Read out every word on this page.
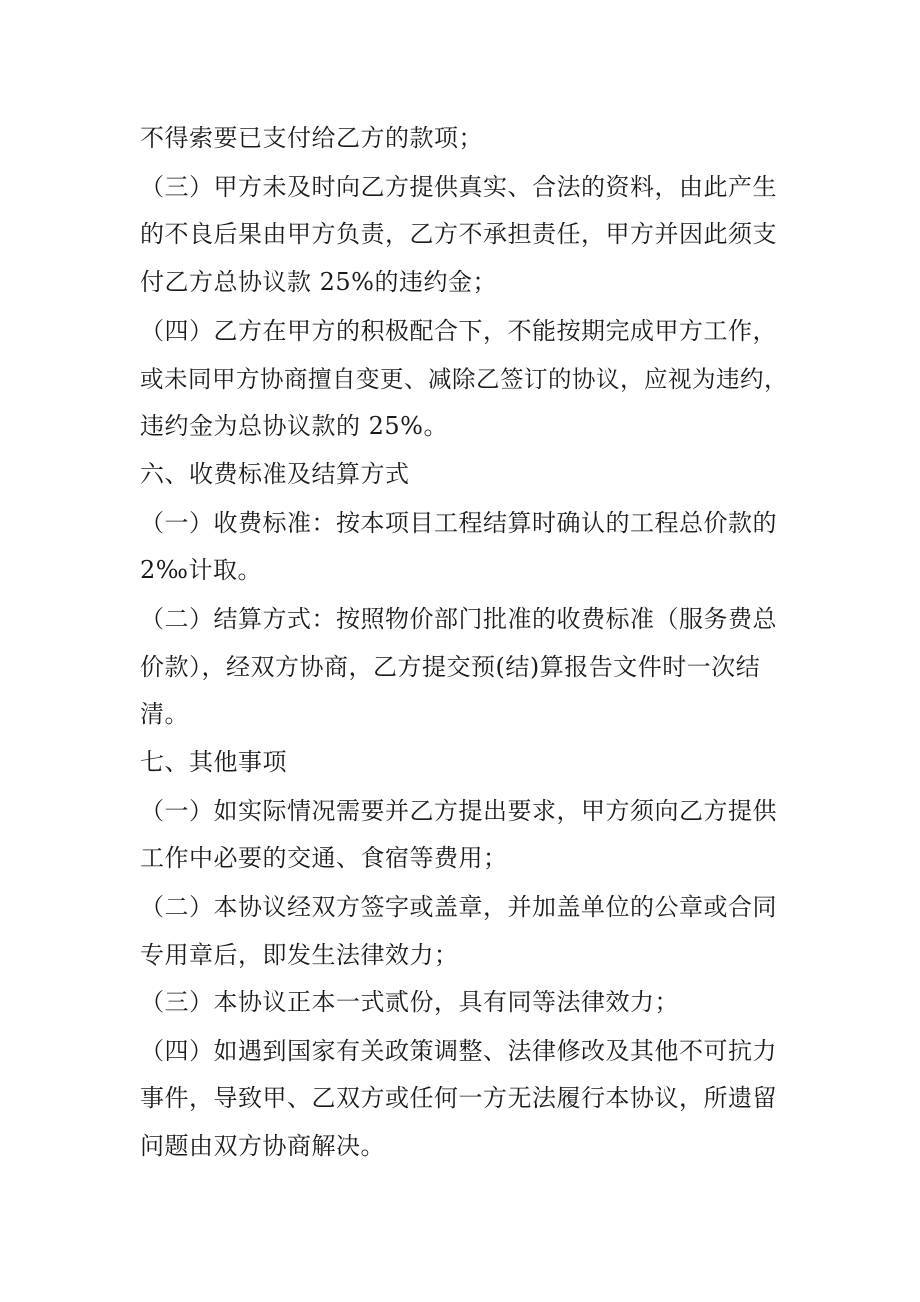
不得索要已支付给乙方的款项；
（三）甲方未及时向乙方提供真实、合法的资料，由此产生
的不良后果由甲方负责，乙方不承担责任，甲方并因此须支
付乙方总协议款 25%的违约金；
（四）乙方在甲方的积极配合下，不能按期完成甲方工作，
或未同甲方协商擅自变更、减除乙签订的协议，应视为违约，
违约金为总协议款的 25%。
六、收费标准及结算方式
（一）收费标准：按本项目工程结算时确认的工程总价款的
2‰计取。
（二）结算方式：按照物价部门批准的收费标准（服务费总
价款），经双方协商，乙方提交预(结)算报告文件时一次结
清。
七、其他事项
（一）如实际情况需要并乙方提出要求，甲方须向乙方提供
工作中必要的交通、食宿等费用；
（二）本协议经双方签字或盖章，并加盖单位的公章或合同
专用章后，即发生法律效力；
（三）本协议正本一式贰份，具有同等法律效力；
（四）如遇到国家有关政策调整、法律修改及其他不可抗力
事件，导致甲、乙双方或任何一方无法履行本协议，所遗留
问题由双方协商解决。
